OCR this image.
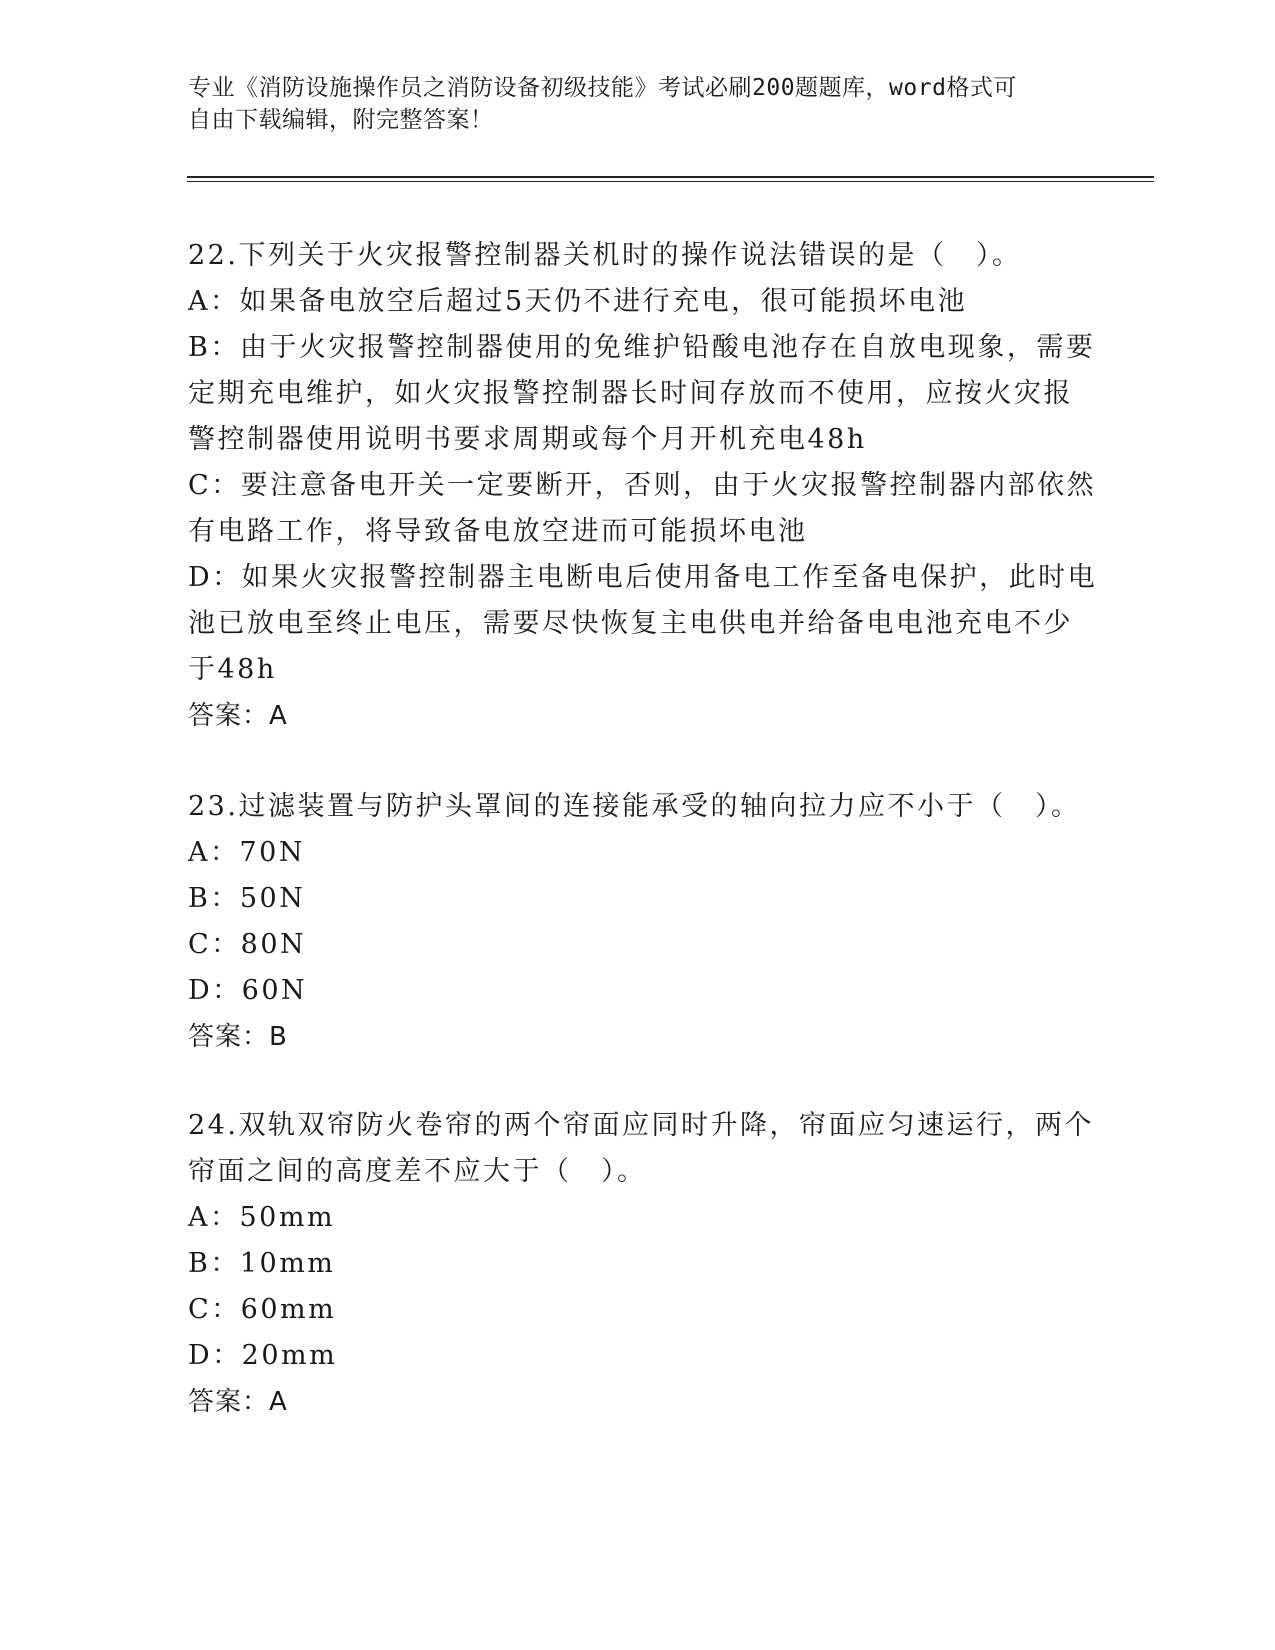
专业《消防设施操作员之消防设备初级技能》考试必刷200题题库，word格式可
自由下载编辑，附完整答案！
22.下列关于火灾报警控制器关机时的操作说法错误的是（　）。
A：如果备电放空后超过5天仍不进行充电，很可能损坏电池
B：由于火灾报警控制器使用的免维护铅酸电池存在自放电现象，需要
定期充电维护，如火灾报警控制器长时间存放而不使用，应按火灾报
警控制器使用说明书要求周期或每个月开机充电48h
C：要注意备电开关一定要断开，否则，由于火灾报警控制器内部依然
有电路工作，将导致备电放空进而可能损坏电池
D：如果火灾报警控制器主电断电后使用备电工作至备电保护，此时电
池已放电至终止电压，需要尽快恢复主电供电并给备电电池充电不少
于48h
答案：A
23.过滤装置与防护头罩间的连接能承受的轴向拉力应不小于（　）。
A：70N
B：50N
C：80N
D：60N
答案：B
24.双轨双帘防火卷帘的两个帘面应同时升降，帘面应匀速运行，两个
帘面之间的高度差不应大于（　）。
A：50mm
B：10mm
C：60mm
D：20mm
答案：A
